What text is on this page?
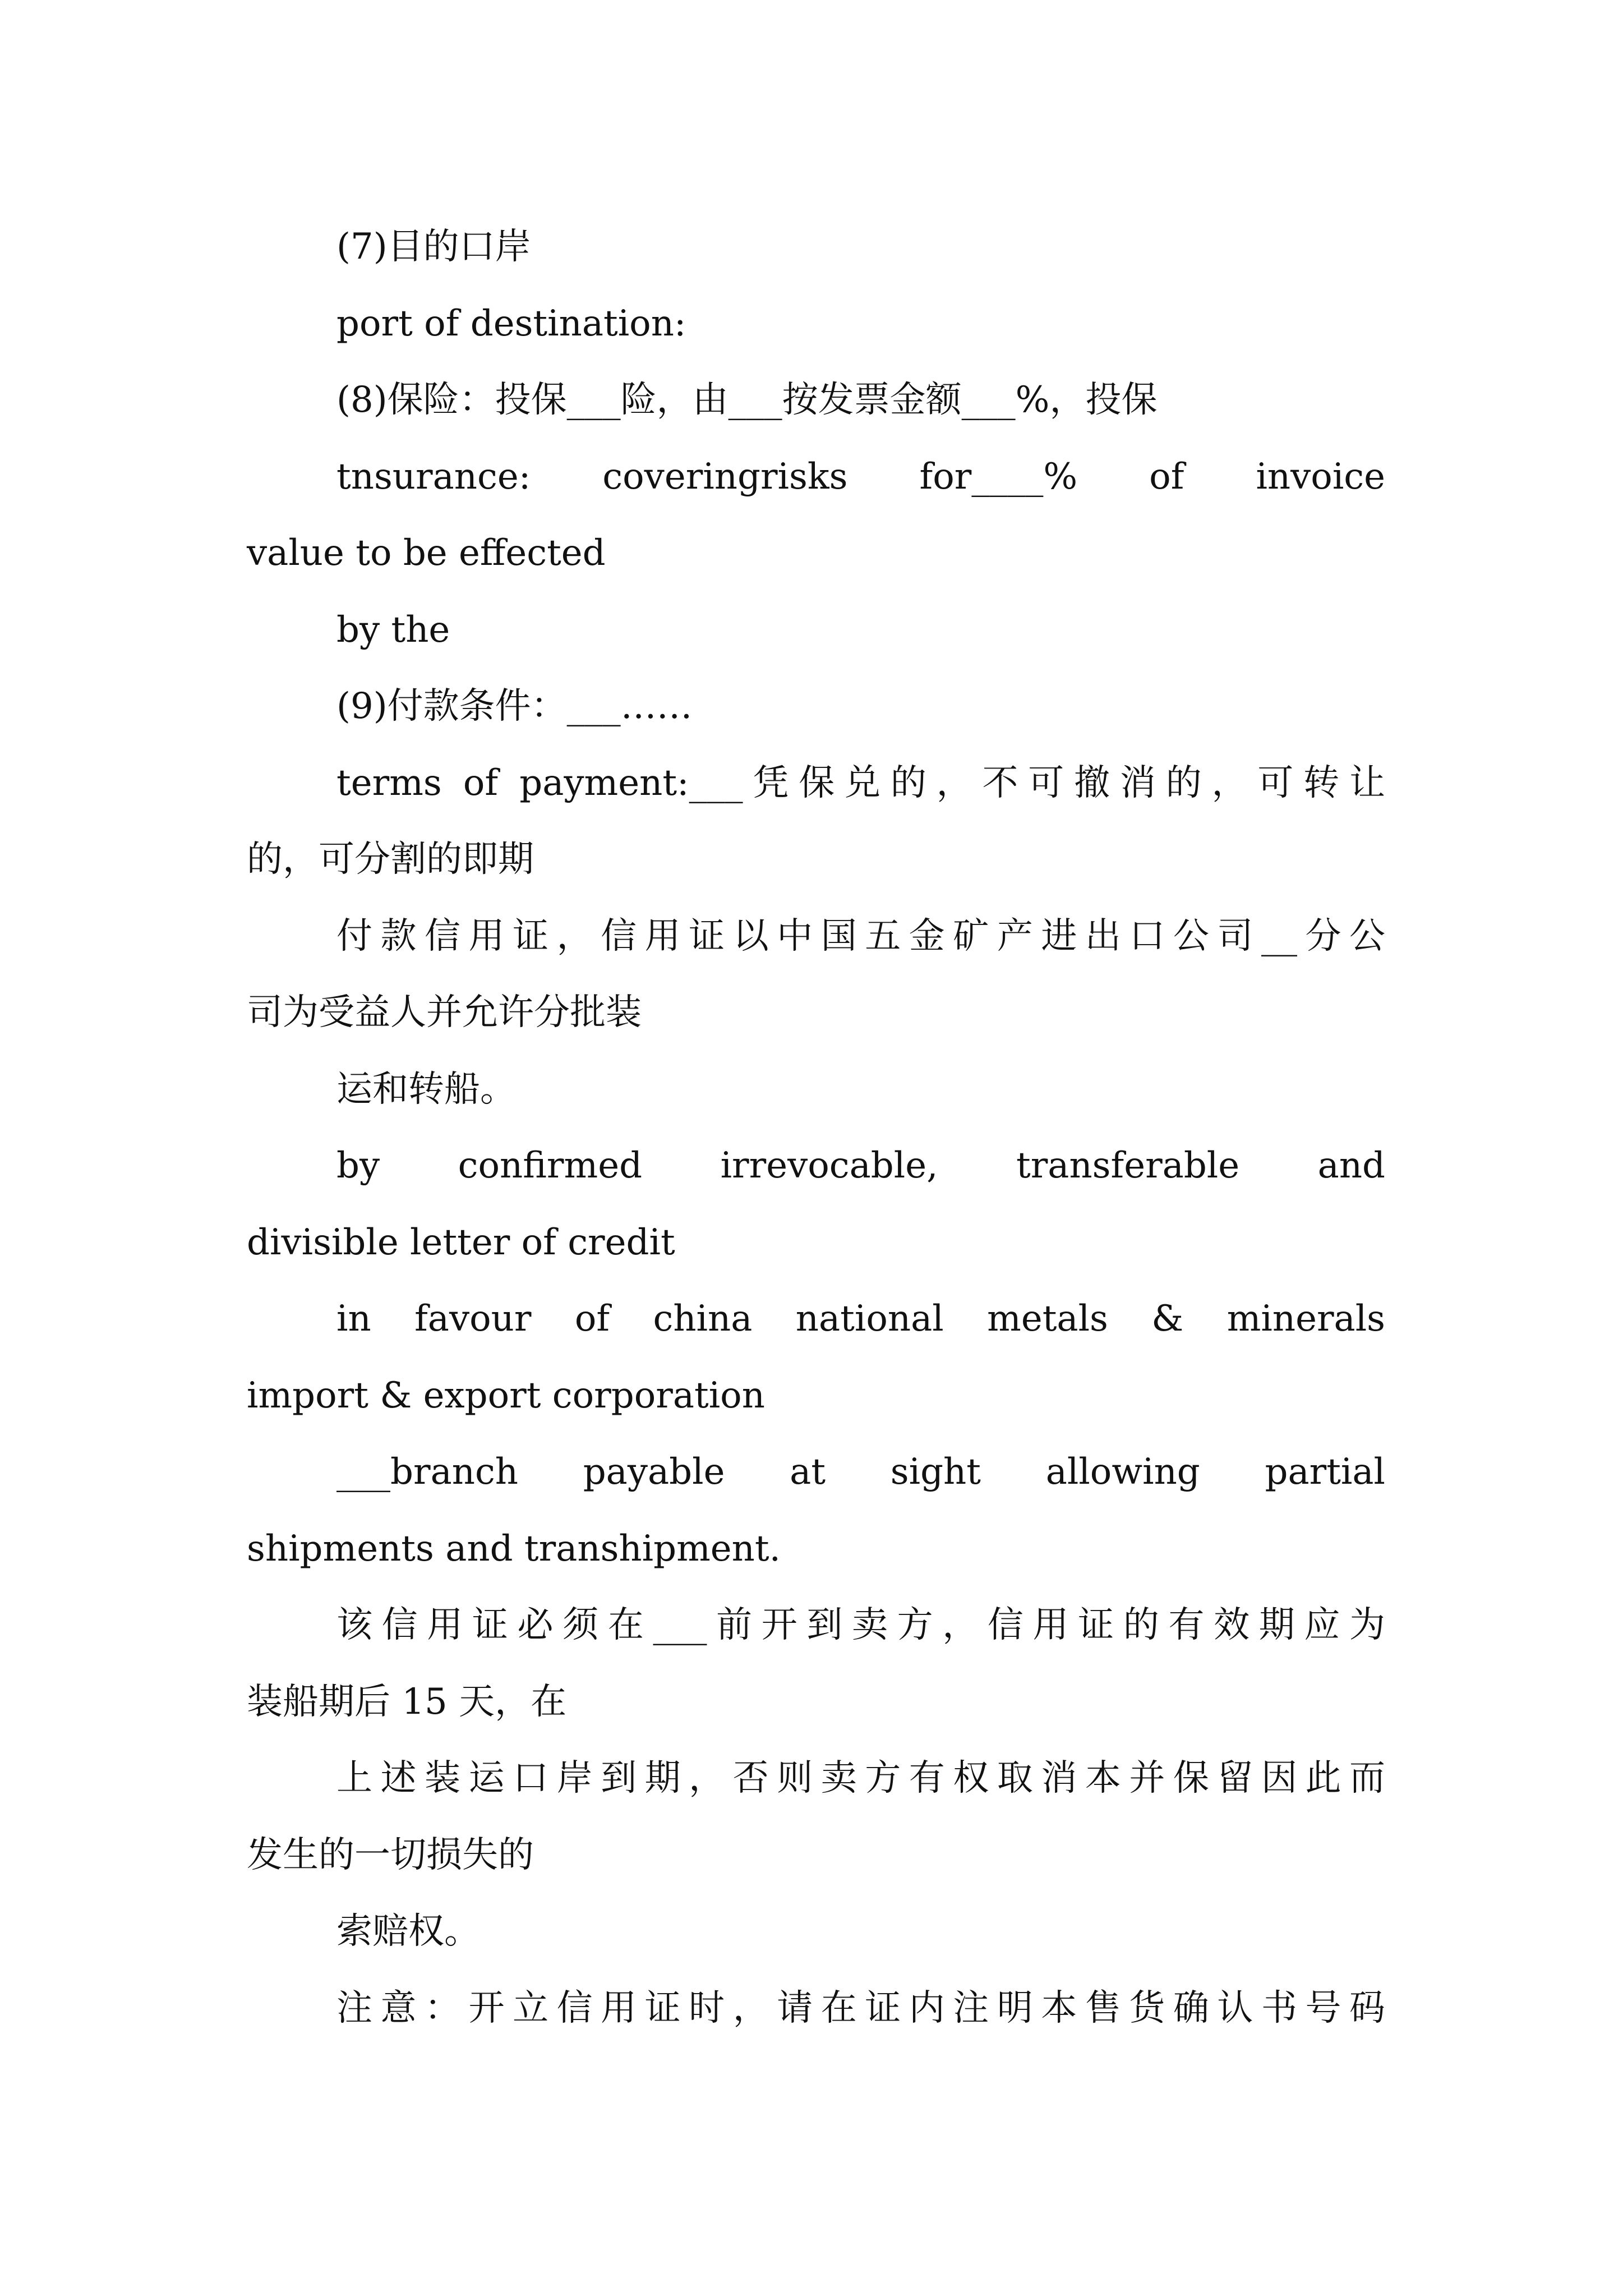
(7)目的口岸

port of destination:

(8)保险：投保___险，由___按发票金额___%，投保

tnsurance: coveringrisks for____% of invoice

value to be effected

by the

(9)付款条件：___……

terms of payment:___凭保兑的，不可撤消的，可转让

的，可分割的即期

付款信用证，信用证以中国五金矿产进出口公司__分公

司为受益人并允许分批装

运和转船。

by confirmed irrevocable, transferable and

divisible letter of credit

in favour of china national metals & minerals

import & export corporation

___branch payable at sight allowing partial

shipments and transhipment.

该信用证必须在___前开到卖方，信用证的有效期应为

装船期后 15 天，在

上述装运口岸到期，否则卖方有权取消本并保留因此而

发生的一切损失的

索赔权。

注意：开立信用证时，请在证内注明本售货确认书号码
